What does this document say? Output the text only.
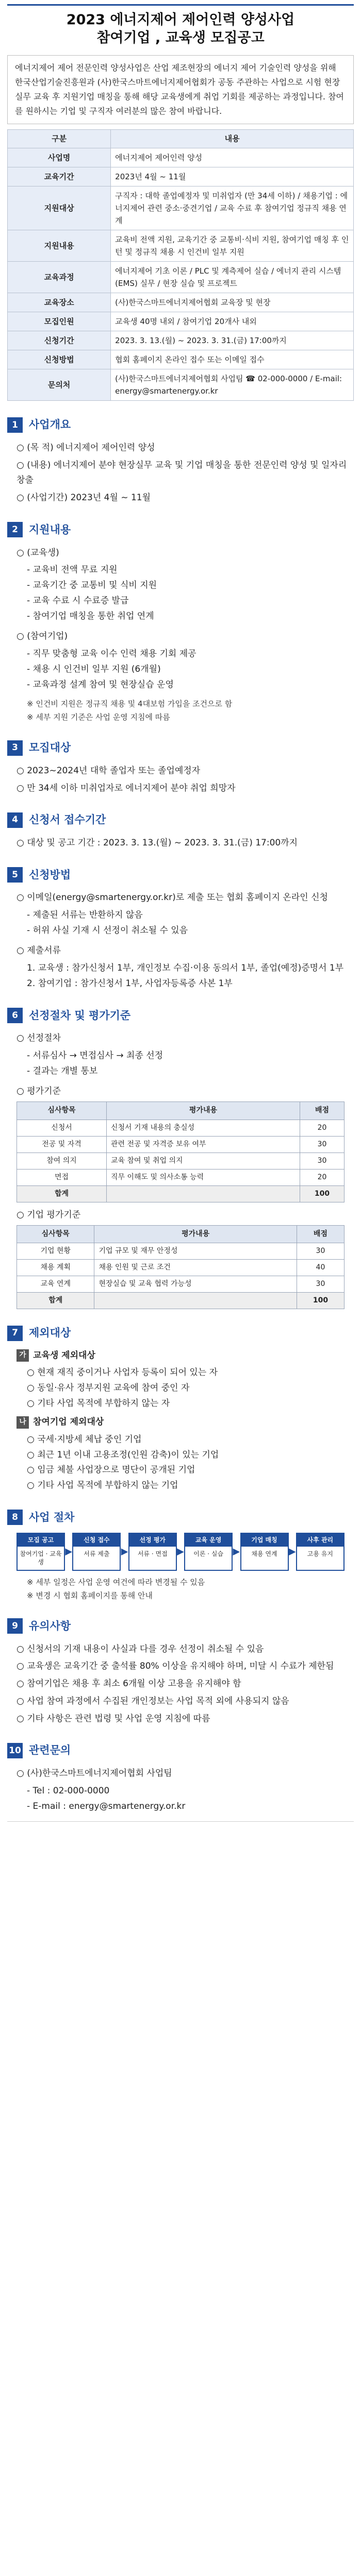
2023 에너지제어 제어인력 양성사업
참여기업 , 교육생 모집공고
에너지제어 제어 전문인력 양성사업은 산업 제조현장의 에너지 제어 기술인력 양성을 위해 한국산업기술진흥원과 (사)한국스마트에너지제어협회가 공동 주관하는 사업으로 시험 현장실무 교육 후 지원기업 매칭을 통해 해당 교육생에게 취업 기회를 제공하는 과정입니다. 참여를 원하시는 기업 및 구직자 여러분의 많은 참여 바랍니다.
구분	내용
사업명	에너지제어 제어인력 양성
교육기간	2023년 4월 ~ 11월
지원대상	구직자 : 대학 졸업예정자 및 미취업자 (만 34세 이하) / 채용기업 : 에너지제어 관련 중소·중견기업 / 교육 수료 후 참여기업 정규직 채용 연계
지원내용	교육비 전액 지원, 교육기간 중 교통비·식비 지원, 참여기업 매칭 후 인턴 및 정규직 채용 시 인건비 일부 지원
교육과정	에너지제어 기초 이론 / PLC 및 계측제어 실습 / 에너지 관리 시스템(EMS) 실무 / 현장 실습 및 프로젝트
교육장소	(사)한국스마트에너지제어협회 교육장 및 현장
모집인원	교육생 40명 내외 / 참여기업 20개사 내외
신청기간	2023. 3. 13.(월) ~ 2023. 3. 31.(금) 17:00까지
신청방법	협회 홈페이지 온라인 접수 또는 이메일 접수
문의처	(사)한국스마트에너지제어협회 사업팀 ☎ 02-000-0000 / E-mail: energy@smartenergy.or.kr
1	사업개요
○ (목 적) 에너지제어 제어인력 양성
○ (내용) 에너지제어 분야 현장실무 교육 및 기업 매칭을 통한 전문인력 양성 및 일자리 창출
○ (사업기간) 2023년 4월 ~ 11월
2	지원내용
○ (교육생)
- 교육비 전액 무료 지원
- 교육기간 중 교통비 및 식비 지원
- 교육 수료 시 수료증 발급
- 참여기업 매칭을 통한 취업 연계
○ (참여기업)
- 직무 맞춤형 교육 이수 인력 채용 기회 제공
- 채용 시 인건비 일부 지원 (6개월)
- 교육과정 설계 참여 및 현장실습 운영
※ 인건비 지원은 정규직 채용 및 4대보험 가입을 조건으로 함
※ 세부 지원 기준은 사업 운영 지침에 따름
3	모집대상
○ 2023~2024년 대학 졸업자 또는 졸업예정자
○ 만 34세 이하 미취업자로 에너지제어 분야 취업 희망자
4	신청서 접수기간
○ 대상 및 공고 기간 : 2023. 3. 13.(월) ~ 2023. 3. 31.(금) 17:00까지
5	신청방법
○ 이메일(energy@smartenergy.or.kr)로 제출 또는 협회 홈페이지 온라인 신청
- 제출된 서류는 반환하지 않음
- 허위 사실 기재 시 선정이 취소될 수 있음
○ 제출서류
1. 교육생 : 참가신청서 1부, 개인정보 수집·이용 동의서 1부, 졸업(예정)증명서 1부
2. 참여기업 : 참가신청서 1부, 사업자등록증 사본 1부
6	선정절차 및 평가기준
○ 선정절차
- 서류심사 → 면접심사 → 최종 선정
- 결과는 개별 통보
○ 평가기준
심사항목	평가내용	배점
신청서	신청서 기재 내용의 충실성	20
전공 및 자격	관련 전공 및 자격증 보유 여부	30
참여 의지	교육 참여 및 취업 의지	30
면접	직무 이해도 및 의사소통 능력	20
합계		100
○ 기업 평가기준
심사항목	평가내용	배점
기업 현황	기업 규모 및 재무 안정성	30
채용 계획	채용 인원 및 근로 조건	40
교육 연계	현장실습 및 교육 협력 가능성	30
합계		100
7	제외대상
가 교육생 제외대상
○ 현재 재직 중이거나 사업자 등록이 되어 있는 자
○ 동일·유사 정부지원 교육에 참여 중인 자
○ 기타 사업 목적에 부합하지 않는 자
나 참여기업 제외대상
○ 국세·지방세 체납 중인 기업
○ 최근 1년 이내 고용조정(인원 감축)이 있는 기업
○ 임금 체불 사업장으로 명단이 공개된 기업
○ 기타 사업 목적에 부합하지 않는 기업
8	사업 절차
모집 공고
참여기업 · 교육생
▶
신청 접수
서류 제출	▶
선정 평가
서류 · 면접	▶
교육 운영
이론 · 실습	▶
기업 매칭
채용 연계	▶
사후 관리
고용 유지
※ 세부 일정은 사업 운영 여건에 따라 변경될 수 있음
※ 변경 시 협회 홈페이지를 통해 안내
9	유의사항
○ 신청서의 기재 내용이 사실과 다를 경우 선정이 취소될 수 있음
○ 교육생은 교육기간 중 출석률 80% 이상을 유지해야 하며, 미달 시 수료가 제한됨
○ 참여기업은 채용 후 최소 6개월 이상 고용을 유지해야 함
○ 사업 참여 과정에서 수집된 개인정보는 사업 목적 외에 사용되지 않음
○ 기타 사항은 관련 법령 및 사업 운영 지침에 따름
10 관련문의
○ (사)한국스마트에너지제어협회 사업팀
- Tel : 02-000-0000
- E-mail : energy@smartenergy.or.kr
